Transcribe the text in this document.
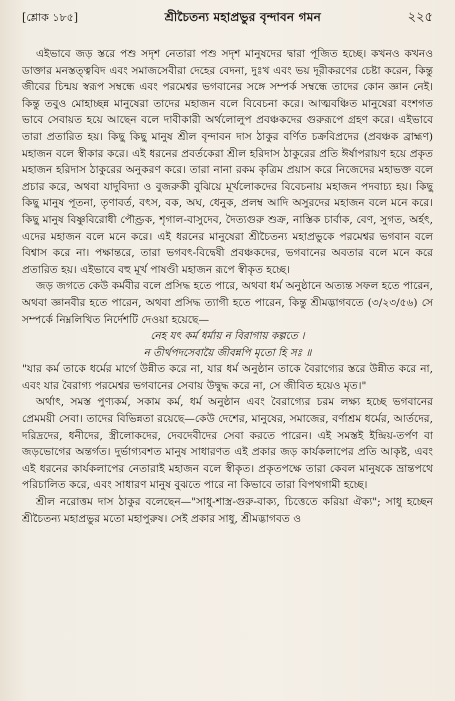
[শ্লোক ১৮৫]	শ্রীচৈতন্য মহাপ্রভুর বৃন্দাবন গমন	২২৫

এইভাবে জড় স্তরে পশু সদৃশ নেতারা পশু সদৃশ মানুষদের দ্বারা পূজিত হচ্ছে। কখনও কখনও ডাক্তার মনস্তত্ত্ববিদ এবং সমাজসেবীরা দেহের বেদনা, দুঃখ এবং ভয় দূরীকরণের চেষ্টা করেন, কিন্তু জীবের চিন্ময় স্বরূপ সম্বন্ধে এবং পরমেশ্বর ভগবানের সঙ্গে সম্পর্ক সম্বন্ধে তাদের কোন জ্ঞান নেই। কিন্তু তবুও মোহাচ্ছন্ন মানুষেরা তাদের মহাজন বলে বিবেচনা করে। আত্মবঞ্চিত মানুষেরা বংশগত ভাবে সেবায়ত হয়ে আছেন বলে দাবীকারী অর্থলোলুপ প্রবঞ্চকদের গুরুরূপে গ্রহণ করে। এইভাবে তারা প্রতারিত হয়। কিছু কিছু মানুষ শ্রীল বৃন্দাবন দাস ঠাকুর বর্ণিত চক্রবিপ্রদের (প্রবঞ্চক ব্রাহ্মণ) মহাজন বলে স্বীকার করে। এই ধরনের প্রবর্তকেরা শ্রীল হরিদাস ঠাকুরের প্রতি ঈর্ষাপরায়ণ হয়ে প্রকৃত মহাজন হরিদাস ঠাকুরের অনুকরণ করে। তারা নানা রকম কৃত্রিম প্রয়াস করে নিজেদের মহাভক্ত বলে প্রচার করে, অথবা যাদুবিদ্যা ও বুজরুকী বুঝিয়ে মূর্খলোকদের বিবেচনায় মহাজন পদবাচ্য হয়। কিছু কিছু মানুষ পূতনা, তৃণাবর্ত, বৎস, বক, অঘ, ধেনুক, প্রলম্ব আদি অসুরদের মহাজন বলে মনে করে। কিছু মানুষ বিষ্ণুবিরোধী পৌণ্ড্রক, শৃগাল-বাসুদেব, দৈত্যগুরু শুক্র, নাস্তিক চার্বাক, বেণ, সুগত, অর্হৎ, এদের মহাজন বলে মনে করে। এই ধরনের মানুষেরা শ্রীচৈতন্য মহাপ্রভুকে পরমেশ্বর ভগবান বলে বিশ্বাস করে না। পক্ষান্তরে, তারা ভগবৎ-বিদ্বেষী প্রবঞ্চকদের, ভগবানের অবতার বলে মনে করে প্রতারিত হয়। এইভাবে বহু মূর্খ পাষণ্ডী মহাজন রূপে স্বীকৃত হচ্ছে।

জড় জগতে কেউ কর্মবীর বলে প্রসিদ্ধ হতে পারে, অথবা ধর্ম অনুষ্ঠানে অত্যন্ত সফল হতে পারেন, অথবা জ্ঞানবীর হতে পারেন, অথবা প্রসিদ্ধ ত্যাগী হতে পারেন, কিন্তু শ্রীমদ্ভাগবতে (৩/২৩/৫৬) সে সম্পর্কে নিম্নলিখিত নির্দেশটি দেওয়া হয়েছে—

নেহ যৎ কর্ম ধর্মায় ন বিরাগায় কল্পতে ।
ন তীর্থপদসেবায়ৈ জীবন্নপি মৃতো হি সঃ ॥

"যার কর্ম তাকে ধর্মের মার্গে উন্নীত করে না, যার ধর্ম অনুষ্ঠান তাকে বৈরাগ্যের স্তরে উন্নীত করে না, এবং যার বৈরাগ্য পরমেশ্বর ভগবানের সেবায় উদ্বুদ্ধ করে না, সে জীবিত হয়েও মৃত।"

অর্থাৎ, সমস্ত পুণ্যকর্ম, সকাম কর্ম, ধর্ম অনুষ্ঠান এবং বৈরাগ্যের চরম লক্ষ্য হচ্ছে ভগবানের প্রেমময়ী সেবা। তাদের বিভিন্নতা রয়েছে—কেউ দেশের, মানুষের, সমাজের, বর্ণাশ্রম ধর্মের, আর্তদের, দরিদ্রদের, ধনীদের, স্ত্রীলোকদের, দেবদেবীদের সেবা করতে পারেন। এই সমস্তই ইন্দ্রিয়-তর্পণ বা জড়ভোগের অন্তর্গত। দুর্ভাগ্যবশত মানুষ সাধারণত এই প্রকার জড় কার্যকলাপের প্রতি আকৃষ্ট, এবং এই ধরনের কার্যকলাপের নেতারাই মহাজন বলে স্বীকৃত। প্রকৃতপক্ষে তারা কেবল মানুষকে ভ্রান্তপথে পরিচালিত করে, এবং সাধারণ মানুষ বুঝতে পারে না কিভাবে তারা বিপথগামী হচ্ছে।

শ্রীল নরোত্তম দাস ঠাকুর বলেছেন—"সাধু-শাস্ত্র-গুরু-বাক্য, চিত্তেতে করিয়া ঐক্য"; সাধু হচ্ছেন শ্রীচৈতন্য মহাপ্রভুর মতো মহাপুরুষ। সেই প্রকার সাধু, শ্রীমদ্ভাগবত ও
